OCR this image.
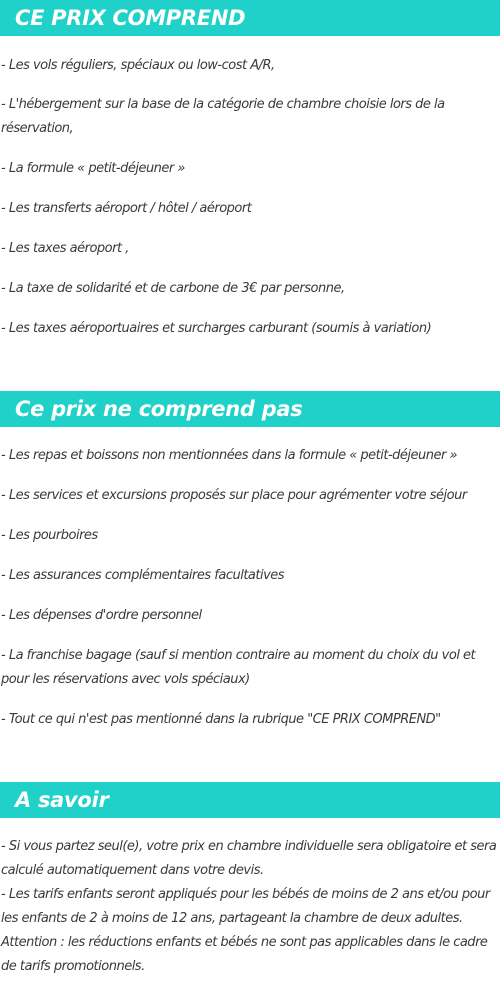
CE PRIX COMPREND

- Les vols réguliers, spéciaux ou low-cost A/R,

- L'hébergement sur la base de la catégorie de chambre choisie lors de la réservation,

- La formule « petit-déjeuner »

- Les transferts aéroport / hôtel / aéroport

- Les taxes aéroport ,

- La taxe de solidarité et de carbone de 3€ par personne,

- Les taxes aéroportuaires et surcharges carburant (soumis à variation)

Ce prix ne comprend pas

- Les repas et boissons non mentionnées dans la formule « petit-déjeuner »

- Les services et excursions proposés sur place pour agrémenter votre séjour

- Les pourboires

- Les assurances complémentaires facultatives

- Les dépenses d'ordre personnel

- La franchise bagage (sauf si mention contraire au moment du choix du vol et pour les réservations avec vols spéciaux)

- Tout ce qui n'est pas mentionné dans la rubrique "CE PRIX COMPREND"

A savoir

- Si vous partez seul(e), votre prix en chambre individuelle sera obligatoire et sera calculé automatiquement dans votre devis.

- Les tarifs enfants seront appliqués pour les bébés de moins de 2 ans et/ou pour les enfants de 2 à moins de 12 ans, partageant la chambre de deux adultes.

Attention : les réductions enfants et bébés ne sont pas applicables dans le cadre de tarifs promotionnels.
